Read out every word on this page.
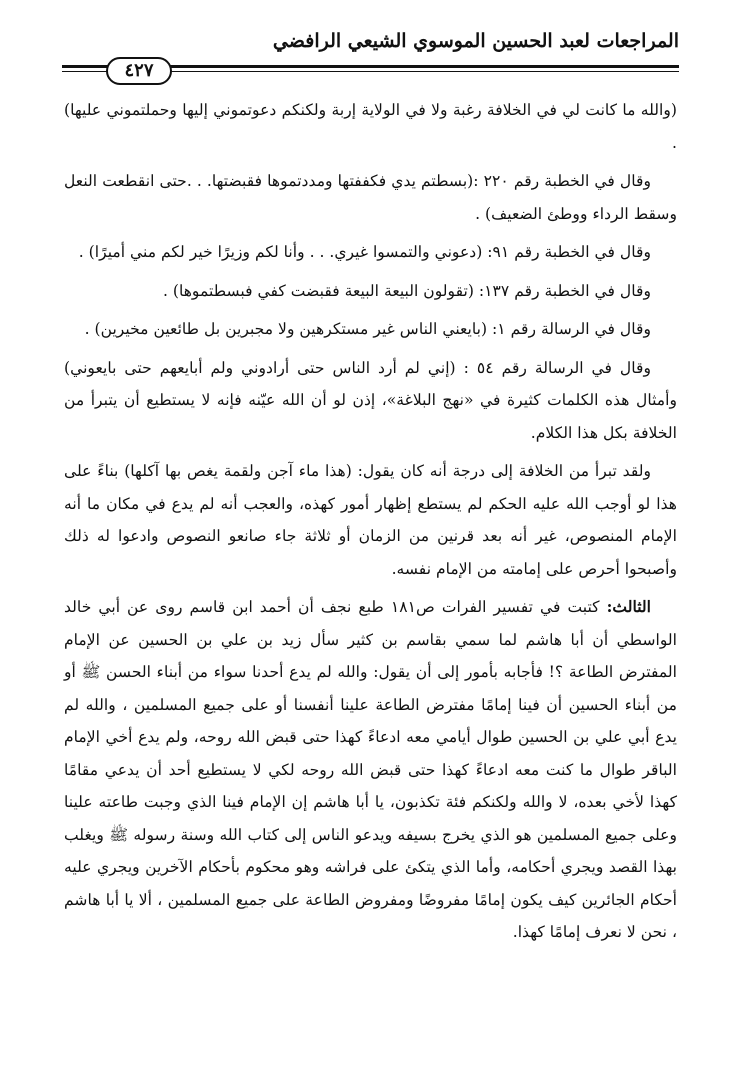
المراجعات لعبد الحسين الموسوي الشيعي الرافضي
٤٢٧

(والله ما كانت لي في الخلافة رغبة ولا في الولاية إربة ولكنكم دعوتموني إليها وحملتموني عليها) .

وقال في الخطبة رقم ٢٢٠ :(بسطتم يدي فكففتها ومددتموها فقبضتها. . .حتى انقطعت النعل وسقط الرداء ووطئ الضعيف) .

وقال في الخطبة رقم ٩١: (دعوني والتمسوا غيري. . . وأنا لكم وزيرًا خير لكم مني أميرًا) .

وقال في الخطبة رقم ١٣٧: (تقولون البيعة البيعة فقبضت كفي فبسطتموها) .

وقال في الرسالة رقم ١: (بايعني الناس غير مستكرهين ولا مجبرين بل طائعين مخيرين) .

وقال في الرسالة رقم ٥٤ : (إني لم أرد الناس حتى أرادوني ولم أبايعهم حتى بايعوني) وأمثال هذه الكلمات كثيرة في «نهج البلاغة»، إذن لو أن الله عيّنه فإنه لا يستطيع أن يتبرأ من الخلافة بكل هذا الكلام.

ولقد تبرأ من الخلافة إلى درجة أنه كان يقول: (هذا ماء آجن ولقمة يغص بها آكلها) بناءً على هذا لو أوجب الله عليه الحكم لم يستطع إظهار أمور كهذه، والعجب أنه لم يدع في مكان ما أنه الإمام المنصوص، غير أنه بعد قرنين من الزمان أو ثلاثة جاء صانعو النصوص وادعوا له ذلك وأصبحوا أحرص على إمامته من الإمام نفسه.

الثالث: كتبت في تفسير الفرات ص١٨١ طبع نجف أن أحمد ابن قاسم روى عن أبي خالد الواسطي أن أبا هاشم لما سمي بقاسم بن كثير سأل زيد بن علي بن الحسين عن الإمام المفترض الطاعة ؟! فأجابه بأمور إلى أن يقول: والله لم يدع أحدنا سواء من أبناء الحسن ﷺ أو من أبناء الحسين أن فينا إمامًا مفترض الطاعة علينا أنفسنا أو على جميع المسلمين ، والله لم يدع أبي علي بن الحسين طوال أيامي معه ادعاءً كهذا حتى قبض الله روحه، ولم يدع أخي الإمام الباقر طوال ما كنت معه ادعاءً كهذا حتى قبض الله روحه لكي لا يستطيع أحد أن يدعي مقامًا كهذا لأخي بعده، لا والله ولكنكم فئة تكذبون، يا أبا هاشم إن الإمام فينا الذي وجبت طاعته علينا وعلى جميع المسلمين هو الذي يخرج بسيفه ويدعو الناس إلى كتاب الله وسنة رسوله ﷺ ويغلب بهذا القصد ويجري أحكامه، وأما الذي يتكئ على فراشه وهو محكوم بأحكام الآخرين ويجري عليه أحكام الجائرين كيف يكون إمامًا مفروضًا ومفروض الطاعة على جميع المسلمين ، ألا يا أبا هاشم ، نحن لا نعرف إمامًا كهذا.
